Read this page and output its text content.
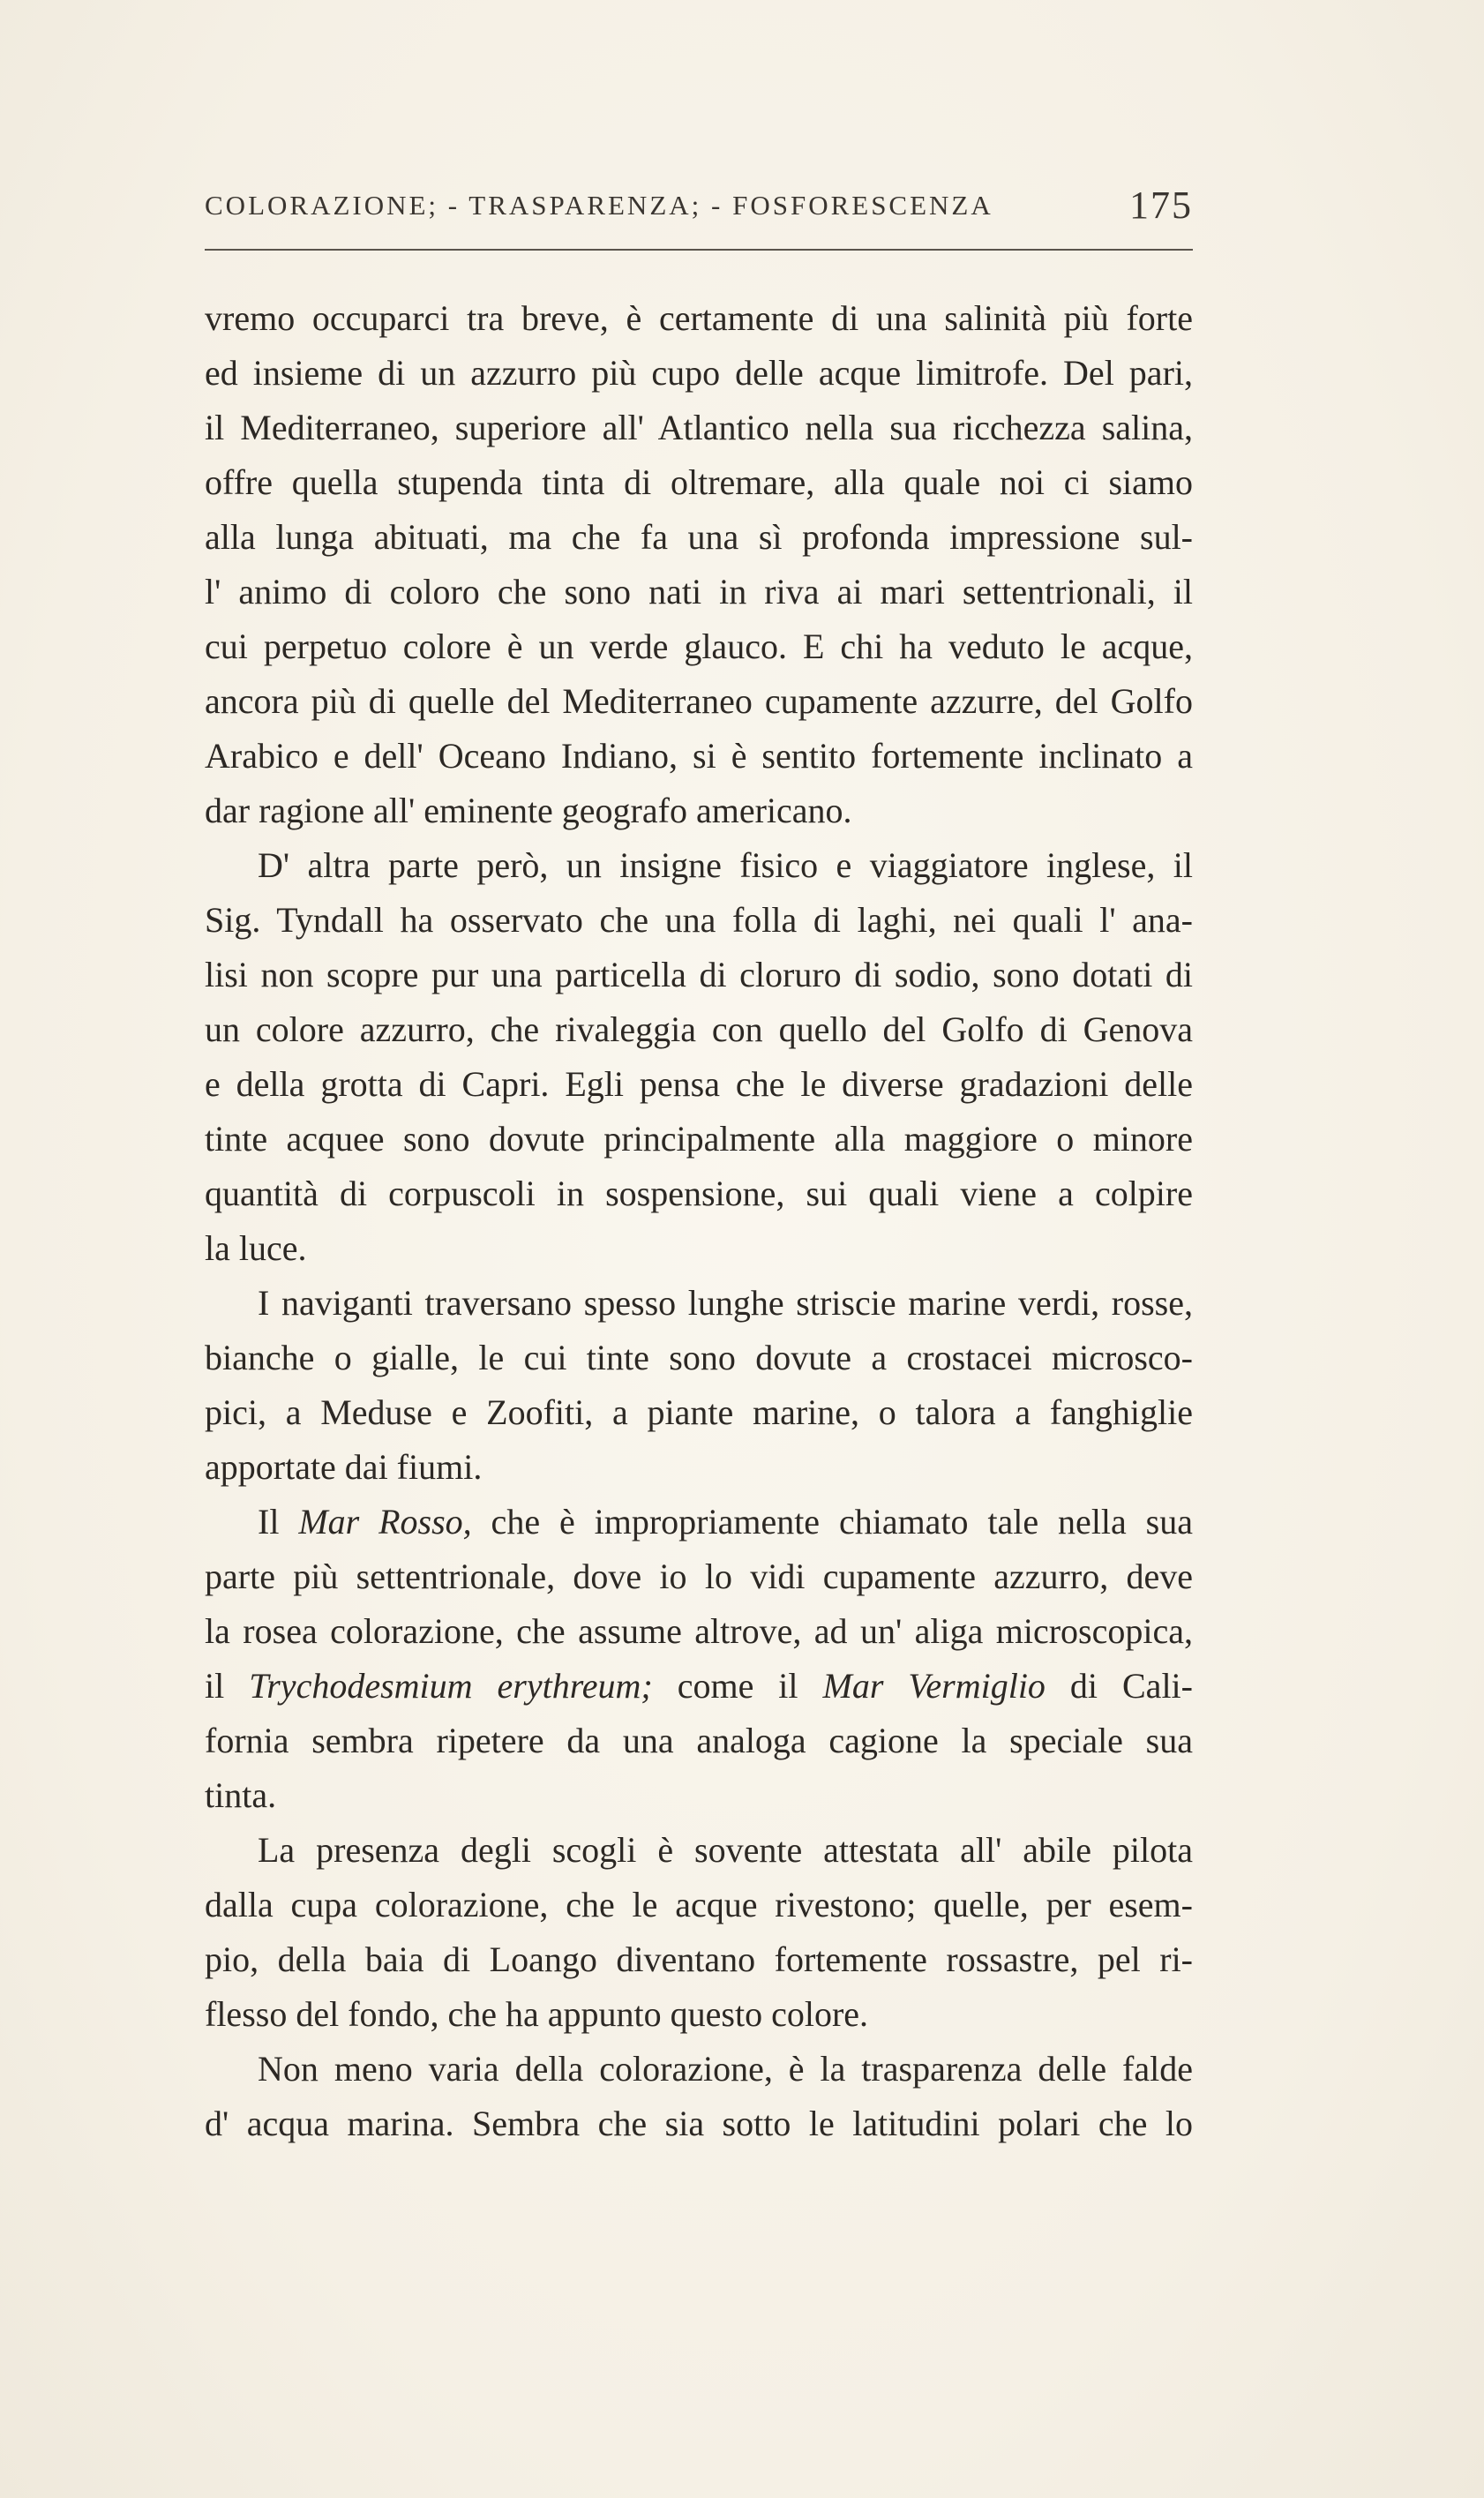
COLORAZIONE; - TRASPARENZA; - FOSFORESCENZA	175
vremo occuparci tra breve, è certamente di una salinità più forte
ed insieme di un azzurro più cupo delle acque limitrofe. Del pari,
il Mediterraneo, superiore all' Atlantico nella sua ricchezza salina,
offre quella stupenda tinta di oltremare, alla quale noi ci siamo
alla lunga abituati, ma che fa una sì profonda impressione sul-
l' animo di coloro che sono nati in riva ai mari settentrionali, il
cui perpetuo colore è un verde glauco. E chi ha veduto le acque,
ancora più di quelle del Mediterraneo cupamente azzurre, del Golfo
Arabico e dell' Oceano Indiano, si è sentito fortemente inclinato a
dar ragione all' eminente geografo americano.
D' altra parte però, un insigne fisico e viaggiatore inglese, il
Sig. Tyndall ha osservato che una folla di laghi, nei quali l' ana-
lisi non scopre pur una particella di cloruro di sodio, sono dotati di
un colore azzurro, che rivaleggia con quello del Golfo di Genova
e della grotta di Capri. Egli pensa che le diverse gradazioni delle
tinte acquee sono dovute principalmente alla maggiore o minore
quantità di corpuscoli in sospensione, sui quali viene a colpire
la luce.
I naviganti traversano spesso lunghe striscie marine verdi, rosse,
bianche o gialle, le cui tinte sono dovute a crostacei microsco-
pici, a Meduse e Zoofiti, a piante marine, o talora a fanghiglie
apportate dai fiumi.
Il Mar Rosso, che è impropriamente chiamato tale nella sua
parte più settentrionale, dove io lo vidi cupamente azzurro, deve
la rosea colorazione, che assume altrove, ad un' aliga microscopica,
il Trychodesmium erythreum; come il Mar Vermiglio di Cali-
fornia sembra ripetere da una analoga cagione la speciale sua
tinta.
La presenza degli scogli è sovente attestata all' abile pilota
dalla cupa colorazione, che le acque rivestono; quelle, per esem-
pio, della baia di Loango diventano fortemente rossastre, pel ri-
flesso del fondo, che ha appunto questo colore.
Non meno varia della colorazione, è la trasparenza delle falde
d' acqua marina. Sembra che sia sotto le latitudini polari che lo
